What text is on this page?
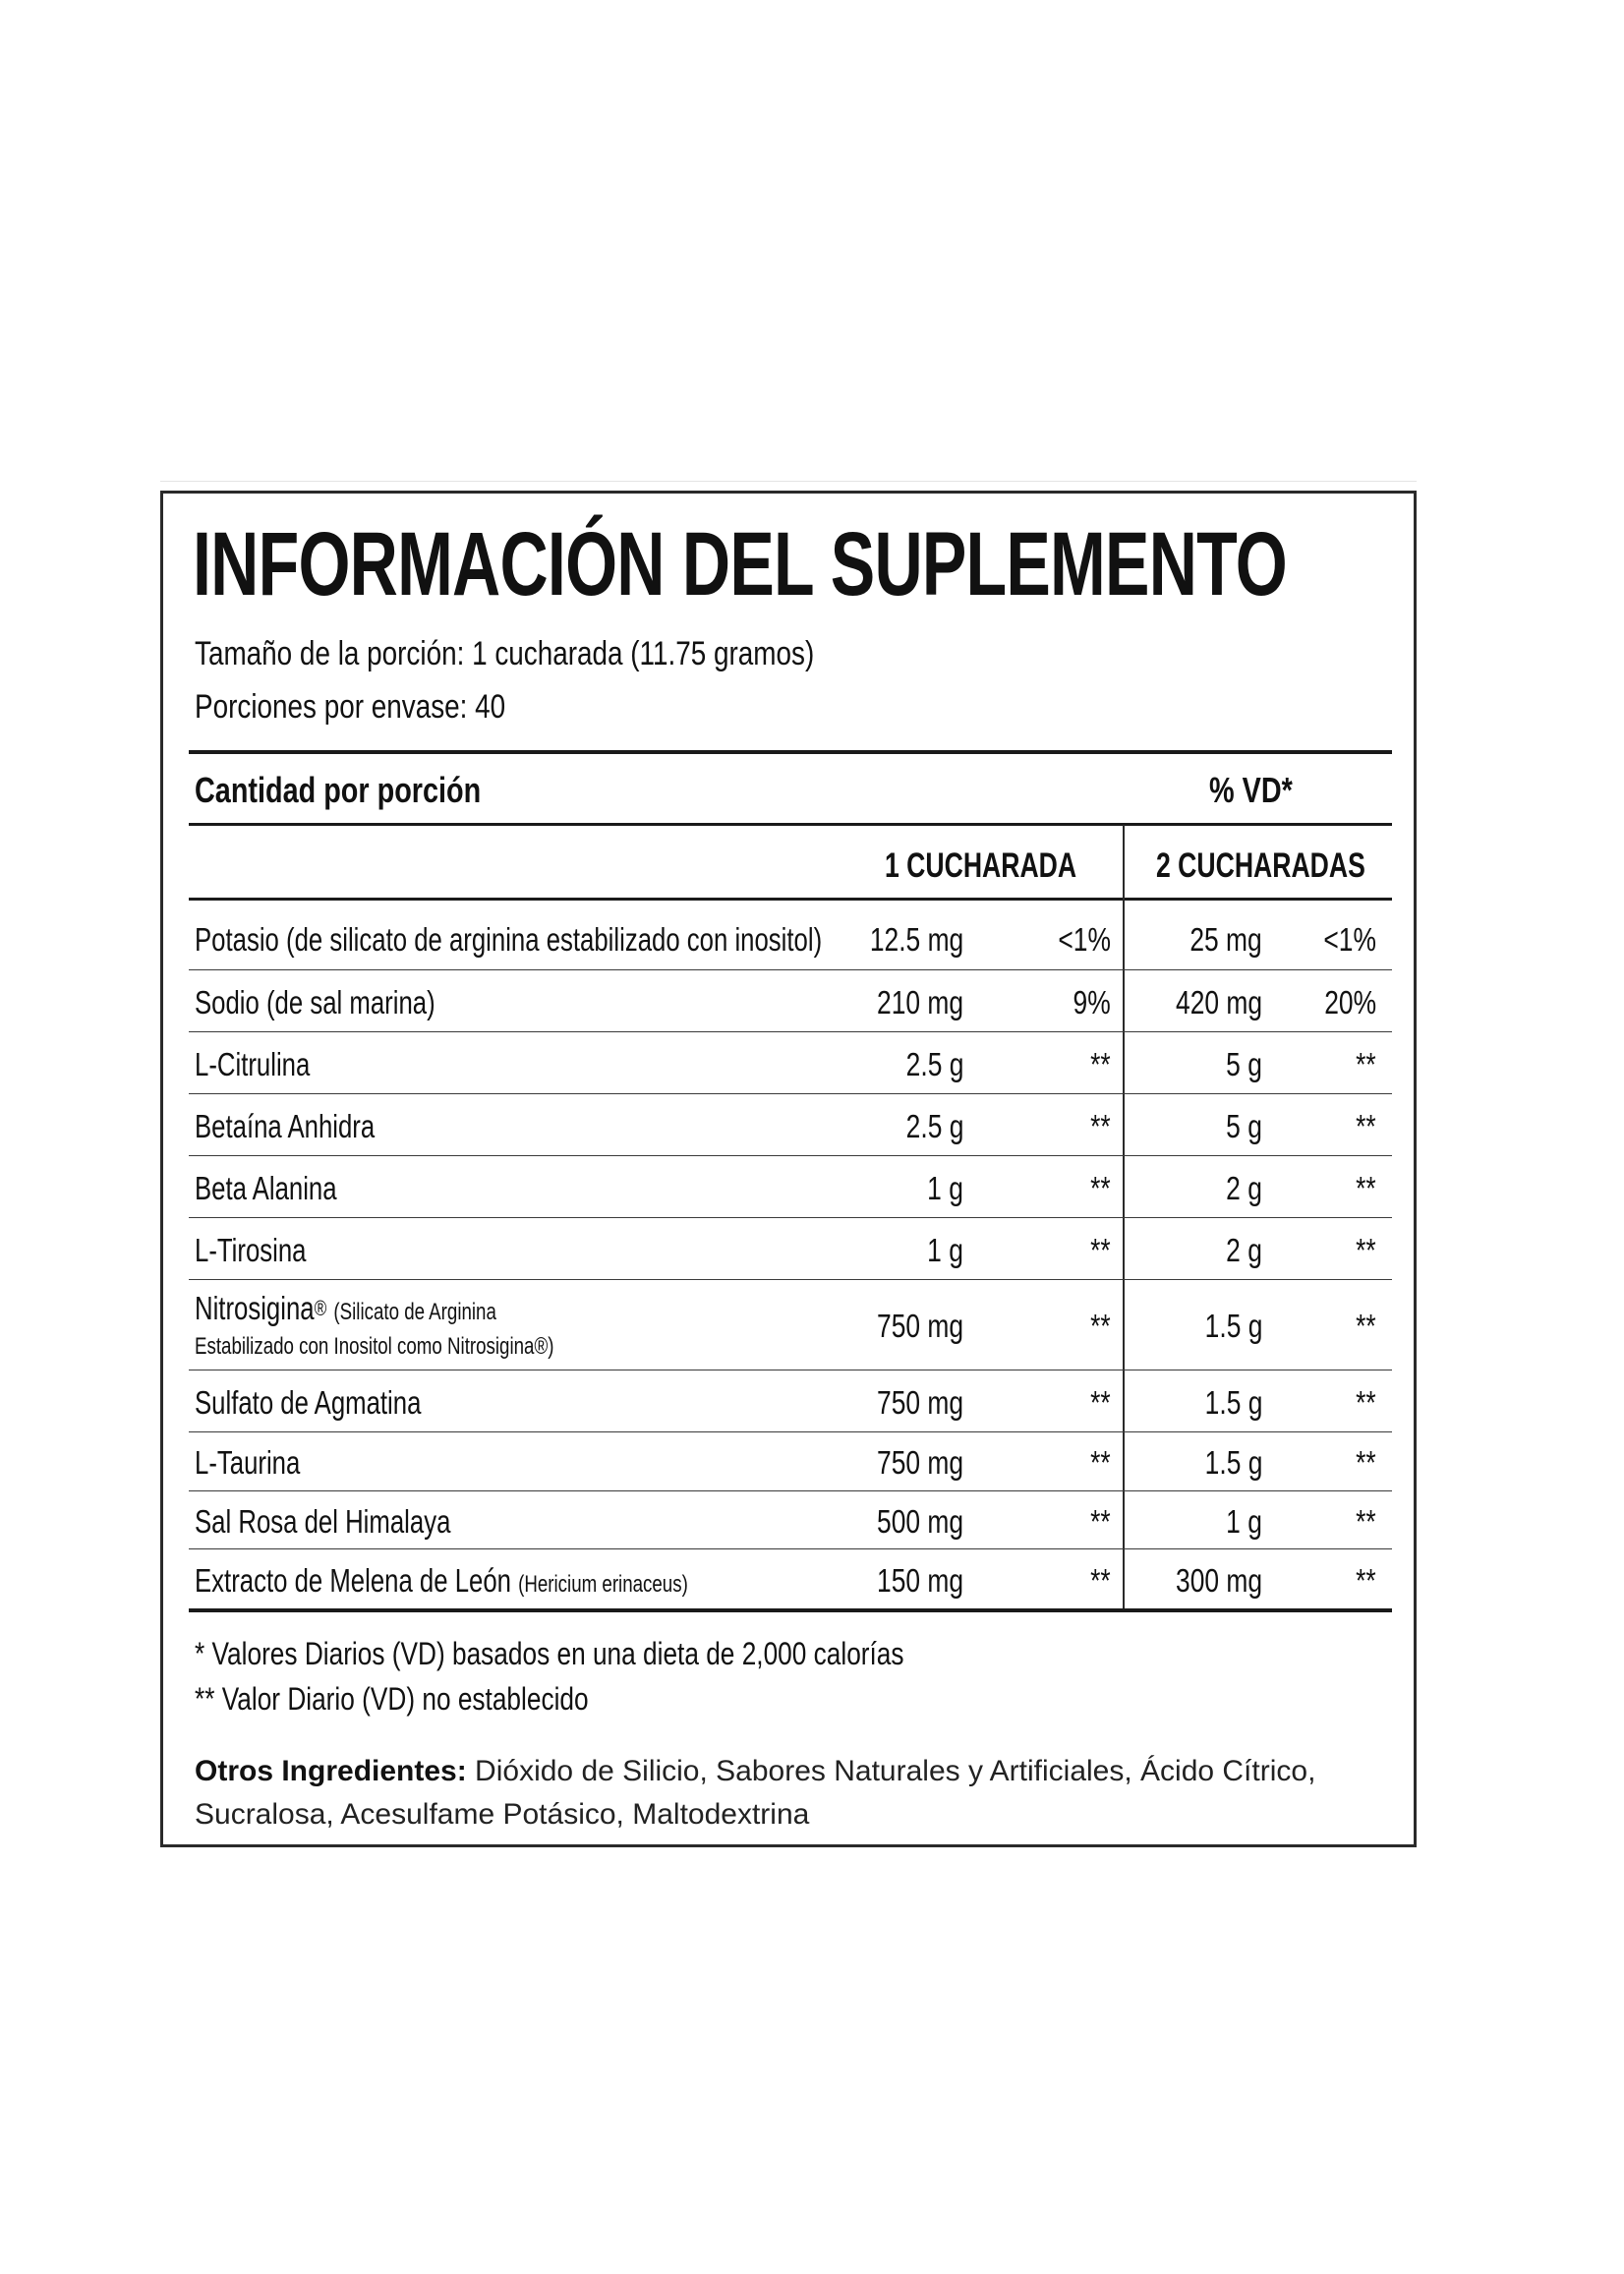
INFORMACIÓN DEL SUPLEMENTO
Tamaño de la porción: 1 cucharada (11.75 gramos)
Porciones por envase: 40
Cantidad por porción	% VD*
1 CUCHARADA 2 CUCHARADAS
Potasio (de silicato de arginina estabilizado con inositol) 12.5 mg	<1% 25 mg <1%
Sodio (de sal marina)	210 mg	9% 420 mg 20%
L-Citrulina	2.5 g	**	5 g	**
Betaína Anhidra	2.5 g	**	5 g	**
Beta Alanina	1 g	**	2 g	**
L-Tirosina	1 g	**	2 g	**
Nitrosigina® (Silicato de Arginina
Estabilizado con Inositol como Nitrosigina®)
750 mg	**	1.5 g	**
Sulfato de Agmatina	750 mg	**	1.5 g	**
L-Taurina	750 mg	**	1.5 g	**
Sal Rosa del Himalaya	500 mg	**	1 g	**
Extracto de Melena de León (Hericium erinaceus)	150 mg	** 300 mg	**
* Valores Diarios (VD) basados en una dieta de 2,000 calorías
** Valor Diario (VD) no establecido
Otros Ingredientes: Dióxido de Silicio, Sabores Naturales y Artificiales, Ácido Cítrico, Sucralosa, Acesulfame Potásico, Maltodextrina
